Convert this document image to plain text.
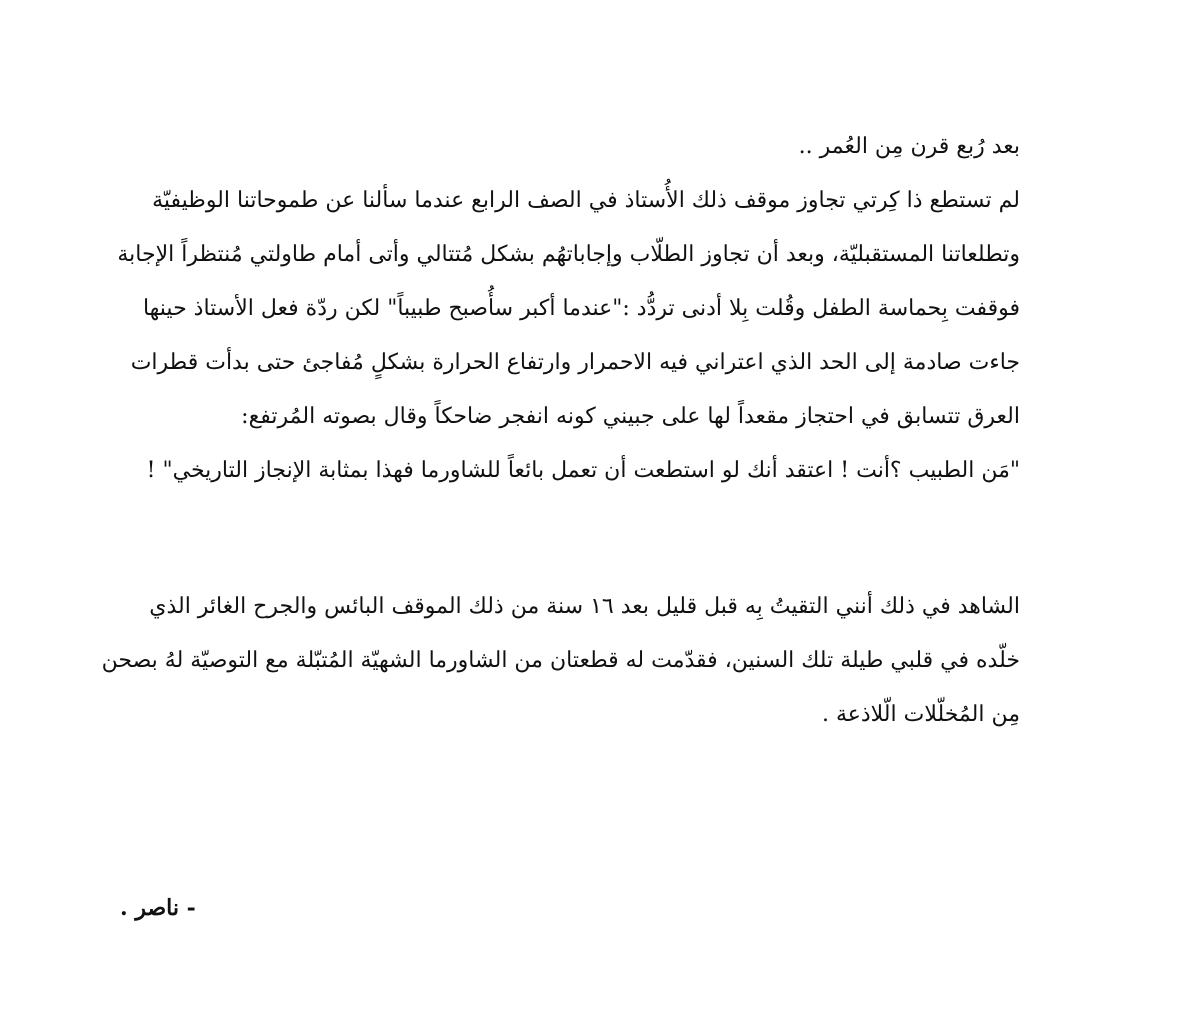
بعد رُبع قرن مِن العُمر ..
لم تستطع ذا كِرتي تجاوز موقف ذلك الأُستاذ في الصف الرابع عندما سألنا عن طموحاتنا الوظيفيّة
وتطلعاتنا المستقبليّة، وبعد أن تجاوز الطلّاب وإجاباتهُم بشكل مُتتالي وأتى أمام طاولتي مُنتظراً الإجابة
فوقفت بِحماسة الطفل وقُلت بِلا أدنى تردُّد :"عندما أكبر سأُصبح طبيباً" لكن ردّة فعل الأستاذ حينها
جاءت صادمة إلى الحد الذي اعتراني فيه الاحمرار وارتفاع الحرارة بشكلٍ مُفاجئ حتى بدأت قطرات
العرق تتسابق في احتجاز مقعداً لها على جبيني كونه انفجر ضاحكاً وقال بصوته المُرتفع:
"مَن الطبيب ؟أنت ! اعتقد أنك لو استطعت أن تعمل بائعاً للشاورما فهذا بمثابة الإنجاز التاريخي" !
الشاهد في ذلك أنني التقيتُ بِه قبل قليل بعد ١٦ سنة من ذلك الموقف البائس والجرح الغائر الذي
خلّده في قلبي طيلة تلك السنين، فقدّمت له قطعتان من الشاورما الشهيّة المُتبّلة مع التوصيّة لهُ بصحن
مِن المُخلّلات الّلاذعة .
- ناصر .
